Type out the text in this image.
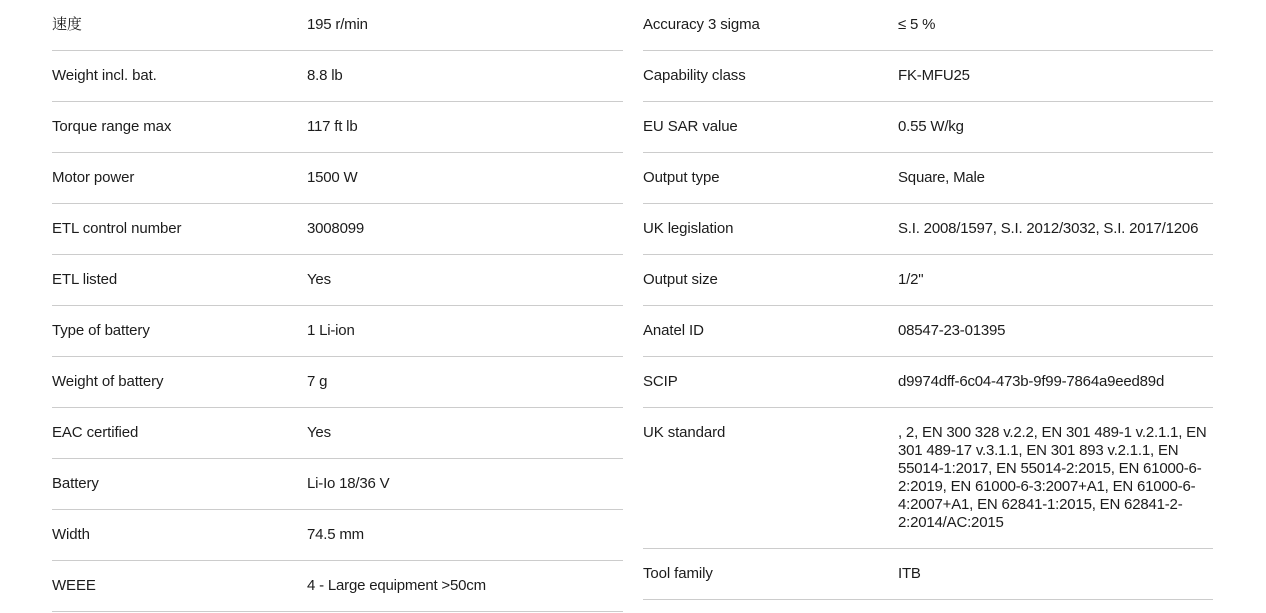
速度	195 r/min
Weight incl. bat.	8.8 lb
Torque range max	117 ft lb
Motor power	1500 W
ETL control number	3008099
ETL listed	Yes
Type of battery	1 Li-ion
Weight of battery	7 g
EAC certified	Yes
Battery	Li-Io 18/36 V
Width	74.5 mm
WEEE	4 - Large equipment >50cm
Accuracy 3 sigma	≤ 5 %
Capability class	FK-MFU25
EU SAR value	0.55 W/kg
Output type	Square, Male
UK legislation	S.I. 2008/1597, S.I. 2012/3032, S.I. 2017/1206
Output size	1/2"
Anatel ID	08547-23-01395
SCIP	d9974dff-6c04-473b-9f99-7864a9eed89d
UK standard	, 2, EN 300 328 v.2.2, EN 301 489-1 v.2.1.1, EN 301 489-17 v.3.1.1, EN 301 893 v.2.1.1, EN 55014-1:2017, EN 55014-2:2015, EN 61000-6-2:2019, EN 61000-6-3:2007+A1, EN 61000-6-4:2007+A1, EN 62841-1:2015, EN 62841-2-2:2014/AC:2015
Tool family	ITB
